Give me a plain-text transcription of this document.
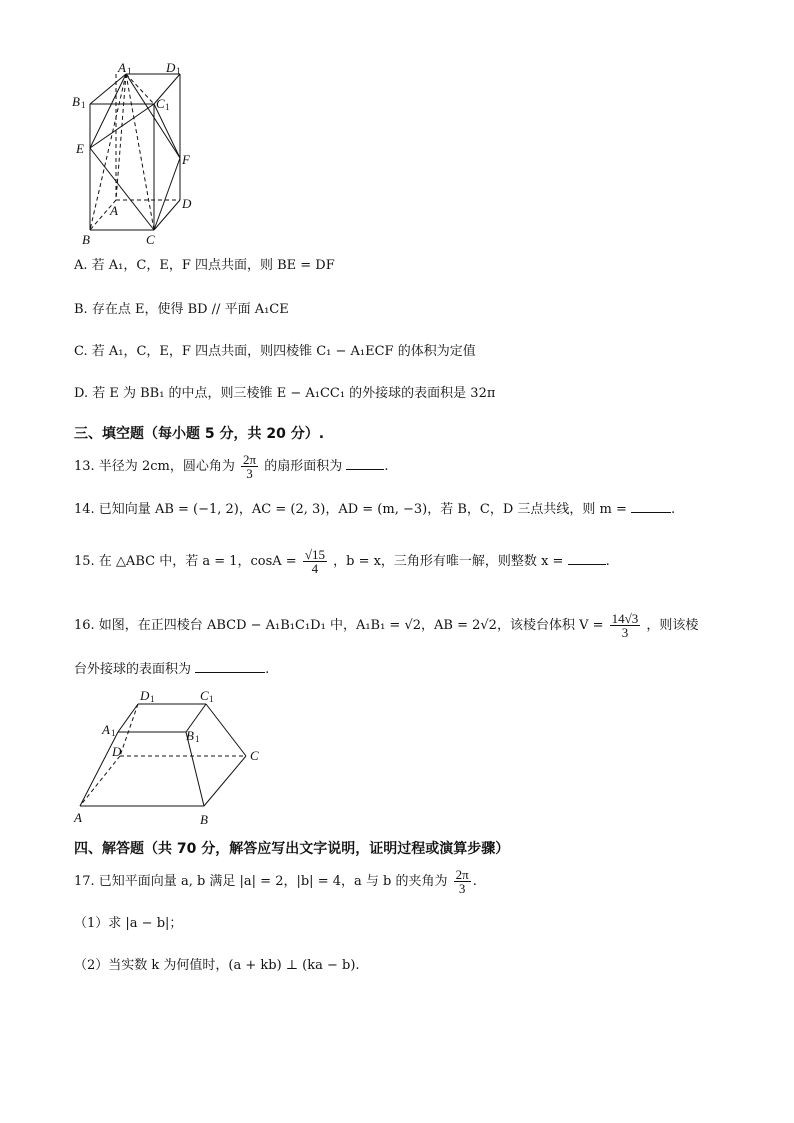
A 1	D 1
B 1	C 1
E
F
A	D
B	C
A. 若 A₁，C，E，F 四点共面，则 BE = DF
B. 存在点 E，使得 BD // 平面 A₁CE
C. 若 A₁，C，E，F 四点共面，则四棱锥 C₁ − A₁ECF 的体积为定值
D. 若 E 为 BB₁ 的中点，则三棱锥 E − A₁CC₁ 的外接球的表面积是 32π
三、填空题（每小题 5 分，共 20 分）.
13. 半径为 2cm，圆心角为 $\frac{2\pi}{3}$ 的扇形面积为	.
14. 已知向量 AB = (−1, 2)，AC = (2, 3)，AD = (m, −3)，若 B，C，D 三点共线，则 m =	.
15. 在 △ABC 中，若 a = 1，$\cos A = \frac{√15}{4}$ ，b = x，三角形有唯一解，则整数 x =	.
16. 如图，在正四棱台 ABCD − A₁B₁C₁D₁ 中，A₁B₁ = √2，AB = 2√2，该棱台体积 $V = \frac{14√3}{3}$ ，则该棱
台外接球的表面积为	.
D 1	C 1
A 1	B 1
D	C
A	B
四、解答题（共 70 分，解答应写出文字说明，证明过程或演算步骤）
17. 已知平面向量 a, b 满足 |a| = 2，|b| = 4，a 与 b 的夹角为 $\frac{2\pi}{3}$ .
（1）求 |a − b|；
（2）当实数 k 为何值时，(a + kb) ⊥ (ka − b).
